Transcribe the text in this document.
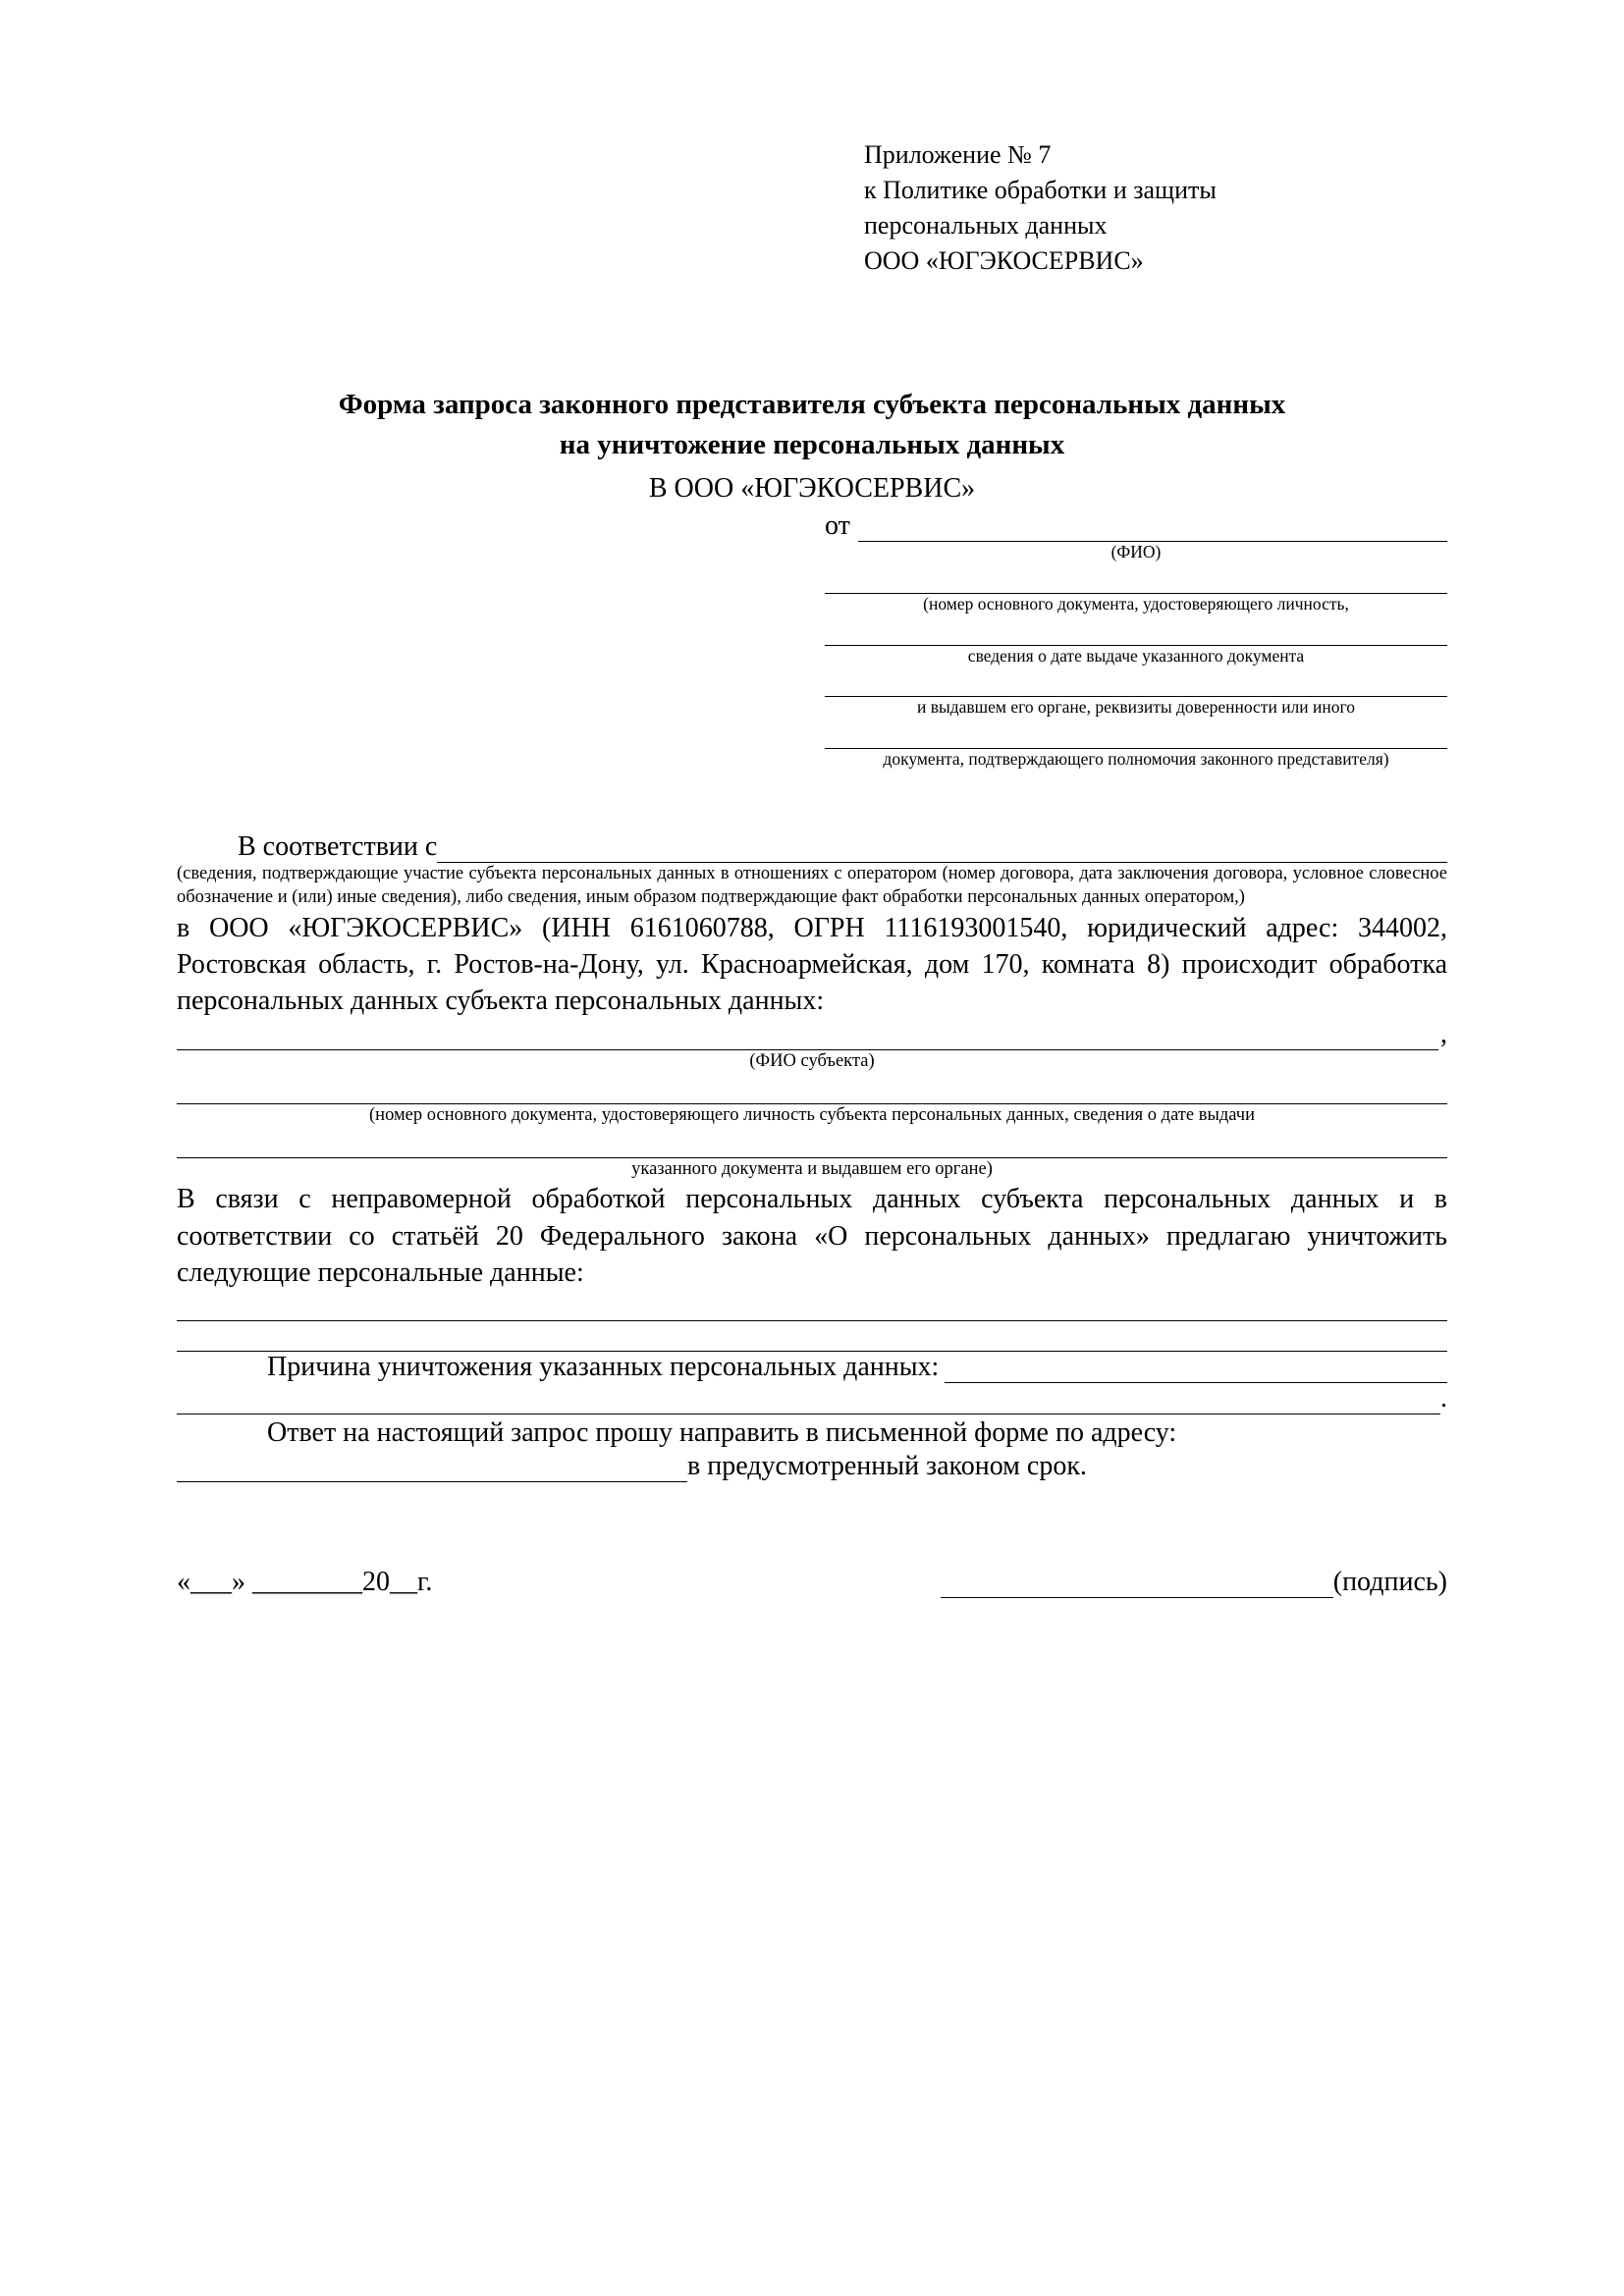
Приложение № 7
к Политике обработки и защиты
персональных данных
ООО «ЮГЭКОСЕРВИС»
Форма запроса законного представителя субъекта персональных данных
на уничтожение персональных данных
В ООО «ЮГЭКОСЕРВИС»
от
(ФИО)
(номер основного документа, удостоверяющего личность,
сведения о дате выдаче указанного документа
и выдавшем его органе, реквизиты доверенности или иного
документа, подтверждающего полномочия законного представителя)
В соответствии с
(сведения, подтверждающие участие субъекта персональных данных в отношениях с оператором (номер договора, дата заключения договора, условное словесное обозначение и (или) иные сведения), либо сведения, иным образом подтверждающие факт обработки персональных данных оператором,)
в ООО «ЮГЭКОСЕРВИС» (ИНН 6161060788, ОГРН 1116193001540, юридический адрес: 344002, Ростовская область, г. Ростов-на-Дону, ул. Красноармейская, дом 170, комната 8) происходит обработка персональных данных субъекта персональных данных:
,
(ФИО субъекта)
(номер основного документа, удостоверяющего личность субъекта персональных данных, сведения о дате выдачи
указанного документа и выдавшем его органе)
В связи с неправомерной обработкой персональных данных субъекта персональных данных и в соответствии со статьёй 20 Федерального закона «О персональных данных» предлагаю уничтожить следующие персональные данные:
Причина уничтожения указанных персональных данных:
.
Ответ на настоящий запрос прошу направить в письменной форме по адресу:
в предусмотренный законом срок.
«___» ________20__г.	(подпись)
